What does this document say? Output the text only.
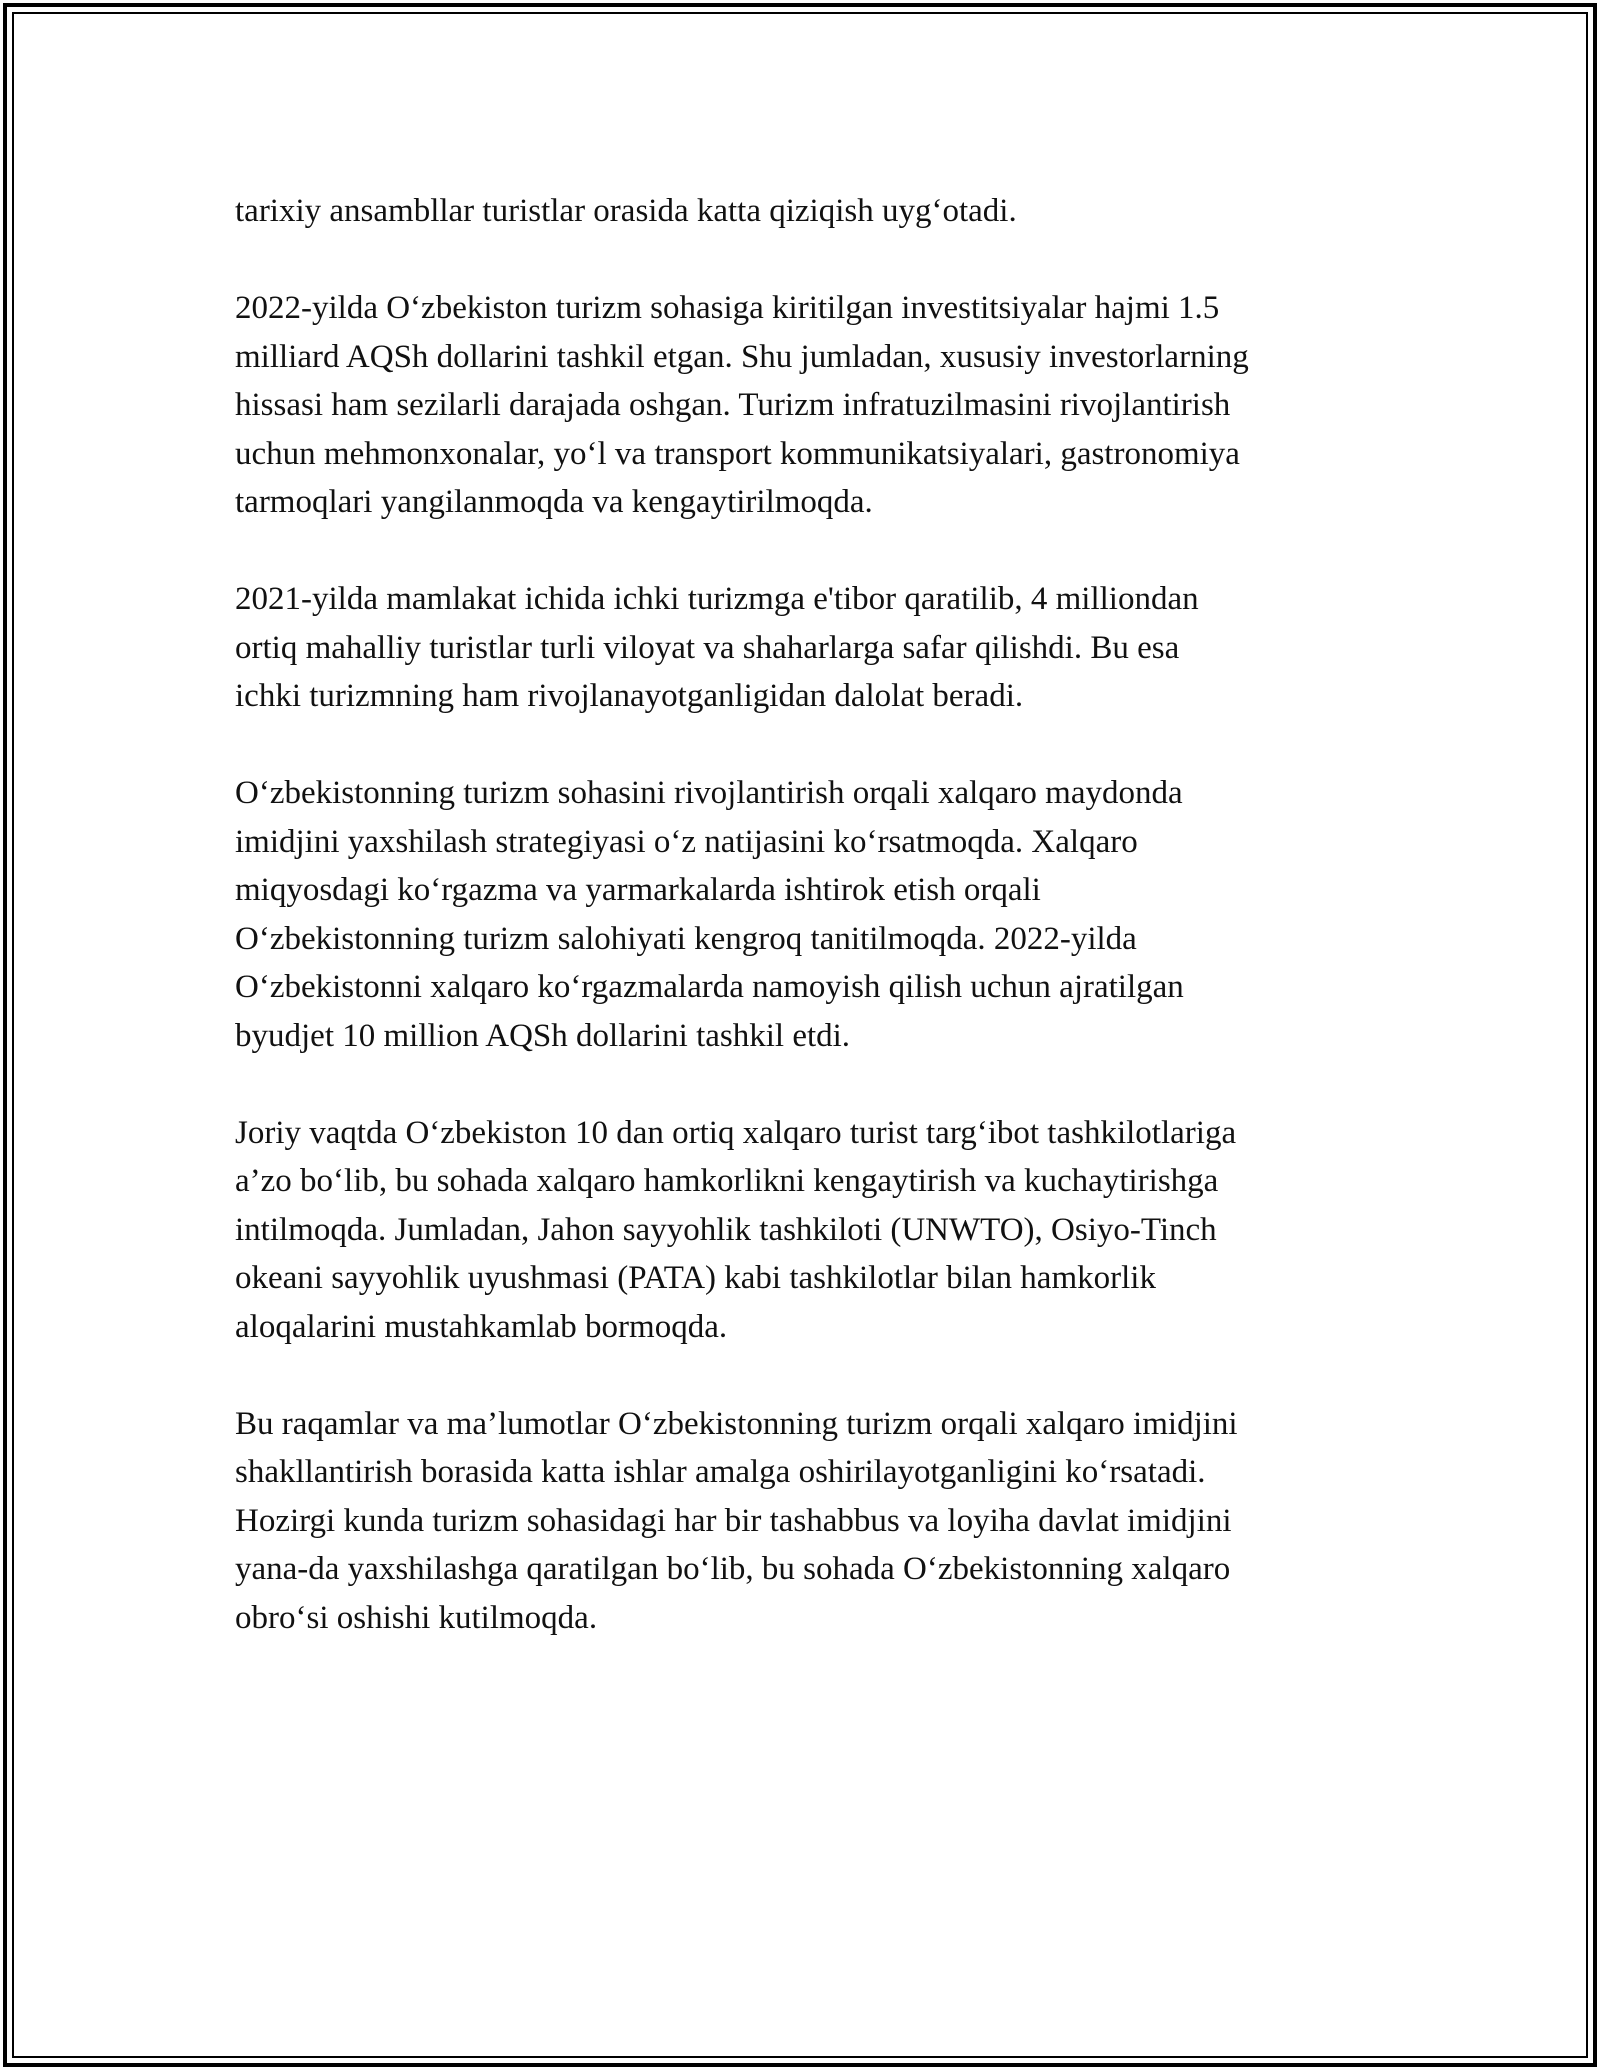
tarixiy ansambllar turistlar orasida katta qiziqish uyg‘otadi.

2022-yilda O‘zbekiston turizm sohasiga kiritilgan investitsiyalar hajmi 1.5
milliard AQSh dollarini tashkil etgan. Shu jumladan, xususiy investorlarning
hissasi ham sezilarli darajada oshgan. Turizm infratuzilmasini rivojlantirish
uchun mehmonxonalar, yo‘l va transport kommunikatsiyalari, gastronomiya
tarmoqlari yangilanmoqda va kengaytirilmoqda.

2021-yilda mamlakat ichida ichki turizmga e'tibor qaratilib, 4 milliondan
ortiq mahalliy turistlar turli viloyat va shaharlarga safar qilishdi. Bu esa
ichki turizmning ham rivojlanayotganligidan dalolat beradi.

O‘zbekistonning turizm sohasini rivojlantirish orqali xalqaro maydonda
imidjini yaxshilash strategiyasi o‘z natijasini ko‘rsatmoqda. Xalqaro
miqyosdagi ko‘rgazma va yarmarkalarda ishtirok etish orqali
O‘zbekistonning turizm salohiyati kengroq tanitilmoqda. 2022-yilda
O‘zbekistonni xalqaro ko‘rgazmalarda namoyish qilish uchun ajratilgan
byudjet 10 million AQSh dollarini tashkil etdi.

Joriy vaqtda O‘zbekiston 10 dan ortiq xalqaro turist targ‘ibot tashkilotlariga
a’zo bo‘lib, bu sohada xalqaro hamkorlikni kengaytirish va kuchaytirishga
intilmoqda. Jumladan, Jahon sayyohlik tashkiloti (UNWTO), Osiyo-Tinch
okeani sayyohlik uyushmasi (PATA) kabi tashkilotlar bilan hamkorlik
aloqalarini mustahkamlab bormoqda.

Bu raqamlar va ma’lumotlar O‘zbekistonning turizm orqali xalqaro imidjini
shakllantirish borasida katta ishlar amalga oshirilayotganligini ko‘rsatadi.
Hozirgi kunda turizm sohasidagi har bir tashabbus va loyiha davlat imidjini
yana-da yaxshilashga qaratilgan bo‘lib, bu sohada O‘zbekistonning xalqaro
obro‘si oshishi kutilmoqda.
